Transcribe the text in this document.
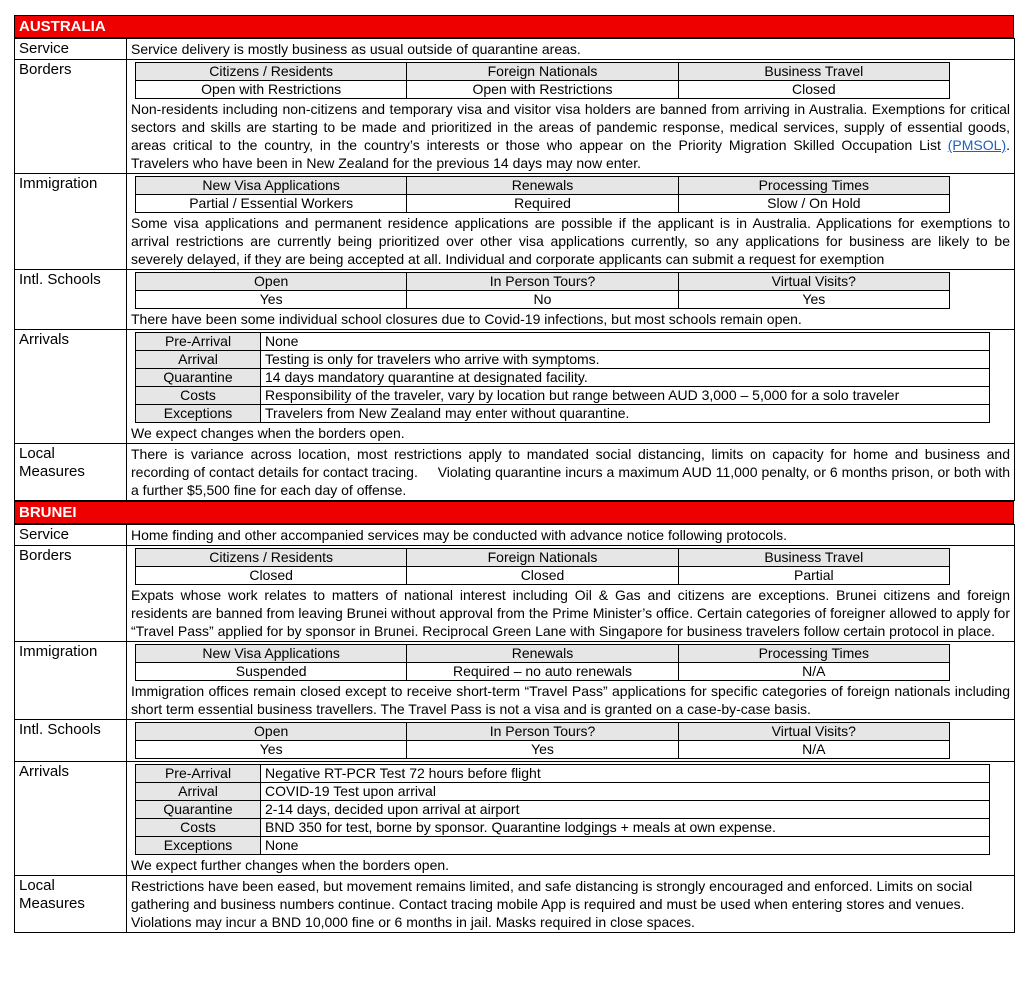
AUSTRALIA
Service	Service delivery is mostly business as usual outside of quarantine areas.
Borders		Citizens / Residents	Foreign Nationals	Business Travel
Open with Restrictions	Open with Restrictions	Closed
Non-residents including non-citizens and temporary visa and visitor visa holders are banned from arriving in Australia. Exemptions for critical sectors and skills are starting to be made and prioritized in the areas of pandemic response, medical services, supply of essential goods, areas critical to the country, in the country’s interests or those who appear on the Priority Migration Skilled Occupation List (PMSOL). Travelers who have been in New Zealand for the previous 14 days may now enter.

Immigration		New Visa Applications	Renewals	Processing Times
Partial / Essential Workers	Required	Slow / On Hold
Some visa applications and permanent residence applications are possible if the applicant is in Australia. Applications for exemptions to arrival restrictions are currently being prioritized over other visa applications currently, so any applications for business are likely to be severely delayed, if they are being accepted at all. Individual and corporate applicants can submit a request for exemption

Intl. Schools		Open	In Person Tours?	Virtual Visits?
Yes	No	Yes
There have been some individual school closures due to Covid-19 infections, but most schools remain open.

Arrivals		Pre-Arrival	None
Arrival	Testing is only for travelers who arrive with symptoms.
Quarantine	14 days mandatory quarantine at designated facility.
Costs	Responsibility of the traveler, vary by location but range between AUD 3,000 – 5,000 for a solo traveler
Exceptions	Travelers from New Zealand may enter without quarantine.
We expect changes when the borders open.

Local
Measures	There is variance across location, most restrictions apply to mandated social distancing, limits on capacity for home and business and recording of contact details for contact tracing.     Violating quarantine incurs a maximum AUD 11,000 penalty, or 6 months prison, or both with a further $5,500 fine for each day of offense.
BRUNEI
Service	Home finding and other accompanied services may be conducted with advance notice following protocols.
Borders		Citizens / Residents	Foreign Nationals	Business Travel
Closed	Closed	Partial
Expats whose work relates to matters of national interest including Oil & Gas and citizens are exceptions. Brunei citizens and foreign residents are banned from leaving Brunei without approval from the Prime Minister’s office. Certain categories of foreigner allowed to apply for “Travel Pass” applied for by sponsor in Brunei. Reciprocal Green Lane with Singapore for business travelers follow certain protocol in place.

Immigration		New Visa Applications	Renewals	Processing Times
Suspended	Required – no auto renewals	N/A
Immigration offices remain closed except to receive short-term “Travel Pass” applications for specific categories of foreign nationals including short term essential business travellers. The Travel Pass is not a visa and is granted on a case-by-case basis.

Intl. Schools		Open	In Person Tours?	Virtual Visits?
Yes	Yes	N/A

Arrivals		Pre-Arrival	Negative RT-PCR Test 72 hours before flight
Arrival	COVID-19 Test upon arrival
Quarantine	2-14 days, decided upon arrival at airport
Costs	BND 350 for test, borne by sponsor. Quarantine lodgings + meals at own expense.
Exceptions	None
We expect further changes when the borders open.

Local
Measures	Restrictions have been eased, but movement remains limited, and safe distancing is strongly encouraged and enforced. Limits on social gathering and business numbers continue. Contact tracing mobile App is required and must be used when entering stores and venues. Violations may incur a BND 10,000 fine or 6 months in jail. Masks required in close spaces.
